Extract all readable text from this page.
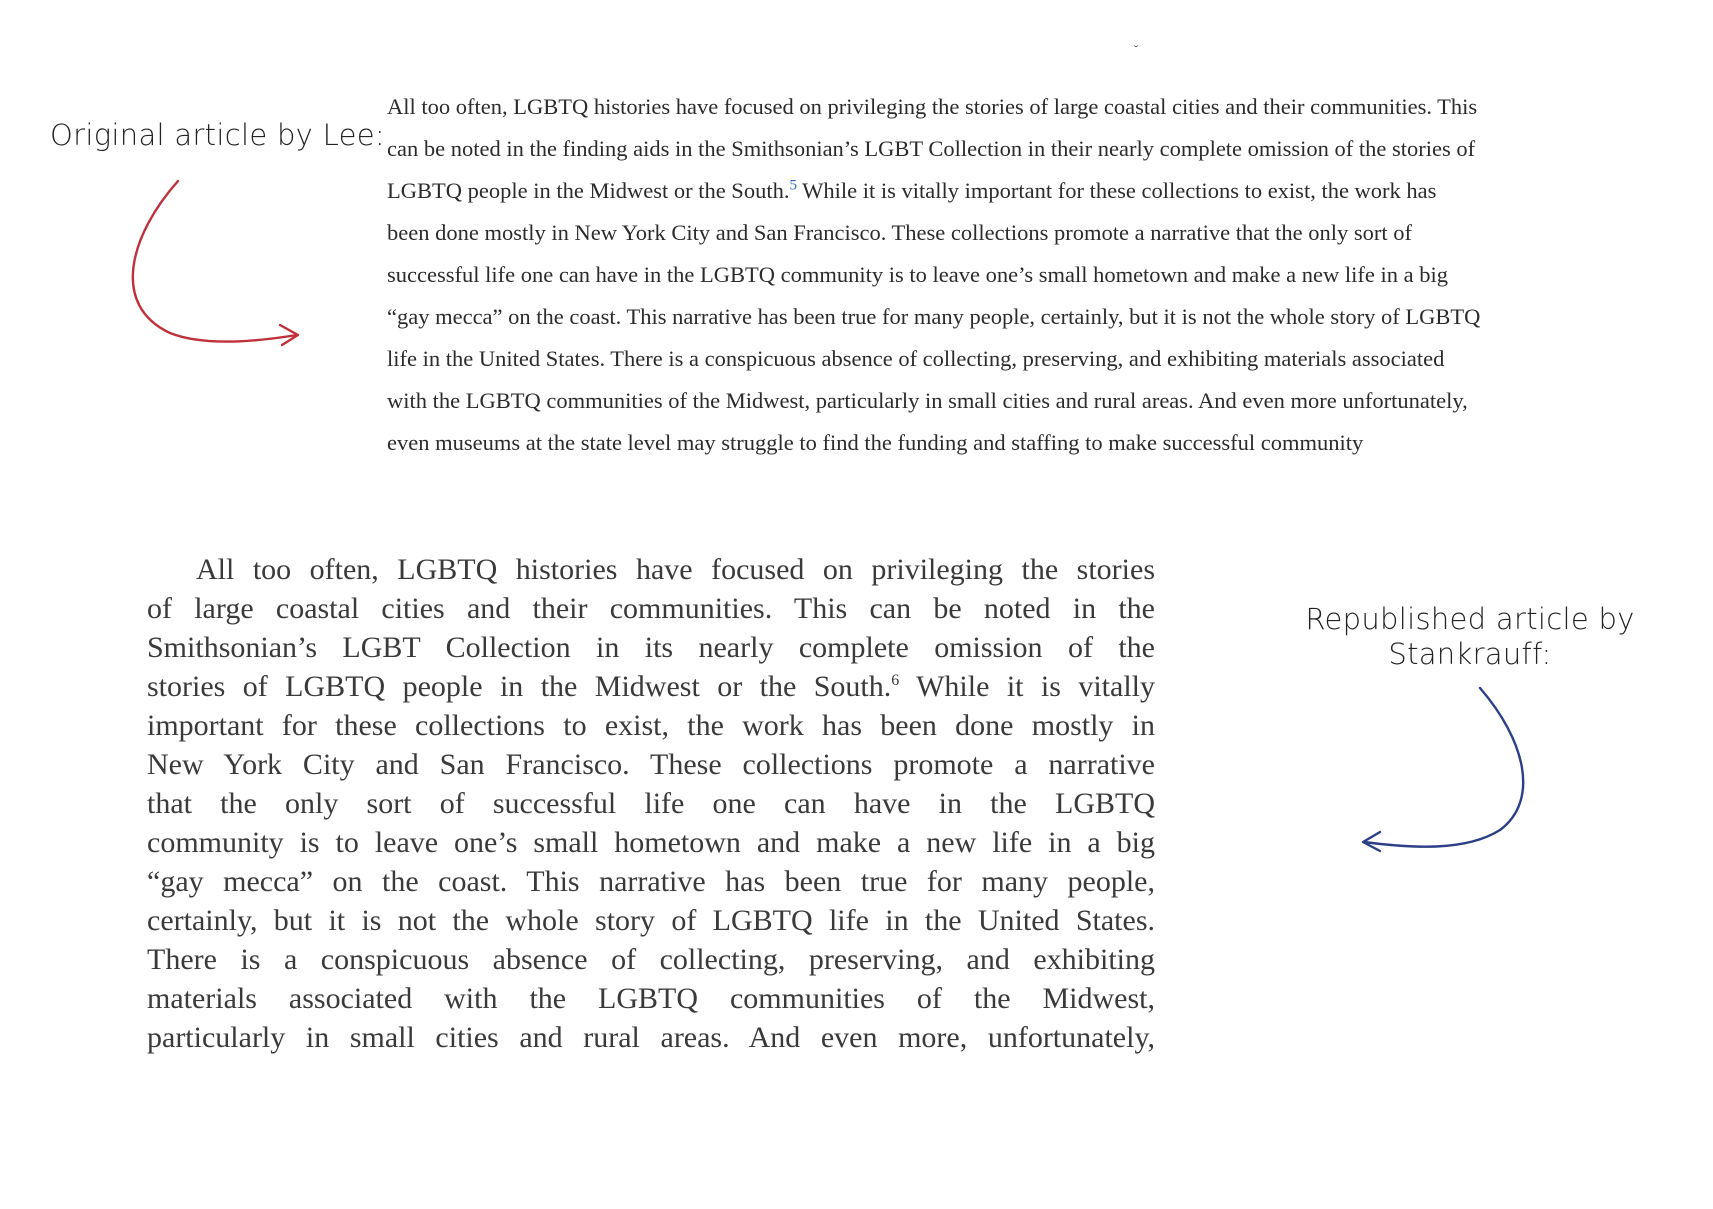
˘
Original article by Lee:
All too often, LGBTQ histories have focused on privileging the stories of large coastal cities and their communities. This
can be noted in the finding aids in the Smithsonian’s LGBT Collection in their nearly complete omission of the stories of
LGBTQ people in the Midwest or the South.$^5$ While it is vitally important for these collections to exist, the work has
been done mostly in New York City and San Francisco. These collections promote a narrative that the only sort of
successful life one can have in the LGBTQ community is to leave one’s small hometown and make a new life in a big
“gay mecca” on the coast. This narrative has been true for many people, certainly, but it is not the whole story of LGBTQ
life in the United States. There is a conspicuous absence of collecting, preserving, and exhibiting materials associated
with the LGBTQ communities of the Midwest, particularly in small cities and rural areas. And even more unfortunately,
even museums at the state level may struggle to find the funding and staffing to make successful community
All too often, LGBTQ histories have focused on privileging the stories
of large coastal cities and their communities. This can be noted in the
Smithsonian’s LGBT Collection in its nearly complete omission of the
stories of LGBTQ people in the Midwest or the South.$^6$ While it is vitally
important for these collections to exist, the work has been done mostly in
New York City and San Francisco. These collections promote a narrative
that the only sort of successful life one can have in the LGBTQ
community is to leave one’s small hometown and make a new life in a big
“gay mecca” on the coast. This narrative has been true for many people,
certainly, but it is not the whole story of LGBTQ life in the United States.
There is a conspicuous absence of collecting, preserving, and exhibiting
materials associated with the LGBTQ communities of the Midwest,
particularly in small cities and rural areas. And even more, unfortunately,
Republished article by Stankrauff:
